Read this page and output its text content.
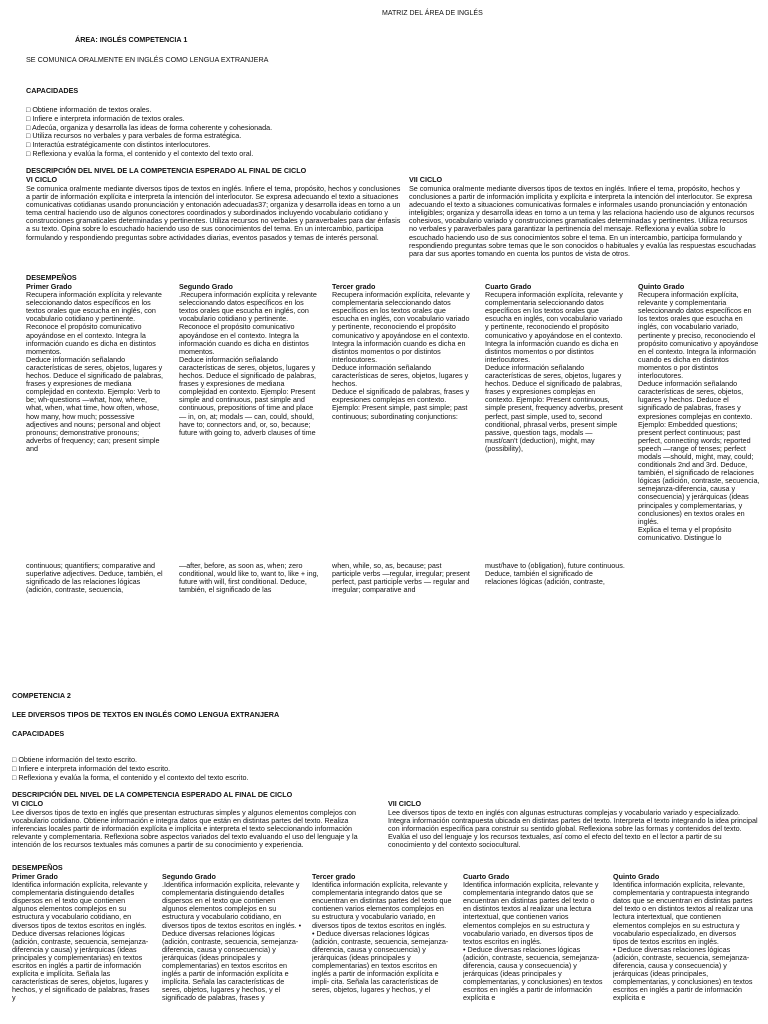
MATRIZ DEL ÁREA DE INGLÉS
ÁREA: INGLÉS COMPETENCIA 1
SE COMUNICA ORALMENTE EN INGLÉS COMO LENGUA EXTRANJERA
CAPACIDADES
□ Obtiene información de textos orales.
□ Infiere e interpreta información de textos orales.
□ Adecúa, organiza y desarrolla las ideas de forma coherente y cohesionada.
□ Utiliza recursos no verbales y para verbales de forma estratégica.
□ Interactúa estratégicamente con distintos interlocutores.
□ Reflexiona y evalúa la forma, el contenido y el contexto del texto oral.
DESCRIPCIÓN DEL NIVEL DE LA COMPETENCIA ESPERADO AL FINAL DE CICLO
VI CICLO
Se comunica oralmente mediante diversos tipos de textos en inglés. Infiere el tema, propósito, hechos y conclusiones a partir de información explícita e interpreta la intención del interlocutor. Se expresa adecuando el texto a situaciones comunicativas cotidianas usando pronunciación y entonación adecuadas37; organiza y desarrolla ideas en torno a un tema central haciendo uso de algunos conectores coordinados y subordinados incluyendo vocabulario cotidiano y construcciones gramaticales determinadas y pertinentes. Utiliza recursos no verbales y paraverbales para dar énfasis a su texto. Opina sobre lo escuchado haciendo uso de sus conocimientos del tema. En un intercambio, participa formulando y respondiendo preguntas sobre actividades diarias, eventos pasados y temas de interés personal.
VII CICLO
Se comunica oralmente mediante diversos tipos de textos en inglés. Infiere el tema, propósito, hechos y conclusiones a partir de información implícita y explícita e interpreta la intención del interlocutor. Se expresa adecuando el texto a situaciones comunicativas formales e informales usando pronunciación y entonación inteligibles; organiza y desarrolla ideas en torno a un tema y las relaciona haciendo uso de algunos recursos cohesivos, vocabulario variado y construcciones gramaticales determinadas y pertinentes. Utiliza recursos no verbales y paraverbales para garantizar la pertinencia del mensaje. Reflexiona y evalúa sobre lo escuchado haciendo uso de sus conocimientos sobre el tema. En un intercambio, participa formulando y respondiendo preguntas sobre temas que le son conocidos o habituales y evalúa las respuestas escuchadas para dar sus aportes tomando en cuenta los puntos de vista de otros.
DESEMPEÑOS
Primer Grado
Recupera información explícita y relevante seleccionando datos específicos en los textos orales que escucha en inglés, con vocabulario cotidiano y pertinente. Reconoce el propósito comunicativo apoyándose en el contexto. Integra la información cuando es dicha en distintos momentos.
Deduce información señalando características de seres, objetos, lugares y hechos. Deduce el significado de palabras, frases y expresiones de mediana complejidad en contexto. Ejemplo: Verb to be; wh-questions —what, how, where, what, when, what time, how often, whose, how many, how much; possessive adjectives and nouns; personal and object pronouns; demonstrative pronouns; adverbs of frequency; can; present simple and
Segundo Grado
.Recupera información explícita y relevante seleccionando datos específicos en los textos orales que escucha en inglés, con vocabulario cotidiano y pertinente. Reconoce el propósito comunicativo apoyándose en el contexto. Integra la información cuando es dicha en distintos momentos.
Deduce información señalando características de seres, objetos, lugares y hechos. Deduce el significado de palabras, frases y expresiones de mediana complejidad en contexto. Ejemplo: Present simple and continuous, past simple and continuous, prepositions of time and place — in, on, at; modals — can, could, should, have to; connectors and, or, so, because; future with going to, adverb clauses of time
Tercer grado
Recupera información explícita, relevante y complementaria seleccionando datos específicos en los textos orales que escucha en inglés, con vocabulario variado y pertinente, reconociendo el propósito comunicativo y apoyándose en el contexto. Integra la información cuando es dicha en distintos momentos o por distintos interlocutores.
Deduce información señalando características de seres, objetos, lugares y hechos.
Deduce el significado de palabras, frases y expresiones complejas en contexto. Ejemplo: Present simple, past simple; past continuous; subordinating conjunctions:
Cuarto Grado
Recupera información explícita, relevante y complementaria seleccionando datos específicos en los textos orales que escucha en inglés, con vocabulario variado y pertinente, reconociendo el propósito comunicativo y apoyándose en el contexto. Integra la información cuando es dicha en distintos momentos o por distintos interlocutores.
Deduce información señalando características de seres, objetos, lugares y hechos. Deduce el significado de palabras, frases y expresiones complejas en contexto. Ejemplo: Present continuous, simple present, frequency adverbs, present perfect, past simple, used to, second conditional, phrasal verbs, present simple passive, question tags, modals — must/can't (deduction), might, may (possibility),
Quinto Grado
Recupera información explícita, relevante y complementaria seleccionando datos específicos en los textos orales que escucha en inglés, con vocabulario variado, pertinente y preciso, reconociendo el propósito comunicativo y apoyándose en el contexto. Integra la información cuando es dicha en distintos momentos o por distintos interlocutores.
Deduce información señalando características de seres, objetos, lugares y hechos. Deduce el significado de palabras, frases y expresiones complejas en contexto. Ejemplo: Embedded questions; present perfect continuous; past perfect, connecting words; reported speech —range of tenses; perfect modals —should, might, may, could; conditionals 2nd and 3rd. Deduce, también, el significado de relaciones lógicas (adición, contraste, secuencia, semejanza-diferencia, causa y consecuencia) y jerárquicas (ideas principales y complementarias, y conclusiones) en textos orales en inglés.
Explica el tema y el propósito comunicativo. Distingue lo
continuous; quantifiers; comparative and superlative adjectives. Deduce, también, el significado de las relaciones lógicas (adición, contraste, secuencia,
—after, before, as soon as, when; zero conditional, would like to, want to, like + ing, future with will, first conditional. Deduce, también, el significado de las
when, while, so, as, because; past participle verbs —regular, irregular; present perfect, past participle verbs — regular and irregular; comparative and
must/have to (obligation), future continuous.
Deduce, también el significado de relaciones lógicas (adición, contraste,
COMPETENCIA 2
LEE DIVERSOS TIPOS DE TEXTOS EN INGLÉS COMO LENGUA EXTRANJERA
CAPACIDADES
□ Obtiene información del texto escrito.
□ Infiere e interpreta información del texto escrito.
□ Reflexiona y evalúa la forma, el contenido y el contexto del texto escrito.
DESCRIPCIÓN DEL NIVEL DE LA COMPETENCIA ESPERADO AL FINAL DE CICLO
VI CICLO
Lee diversos tipos de texto en inglés que presentan estructuras simples y algunos elementos complejos con vocabulario cotidiano. Obtiene información e integra datos que están en distintas partes del texto. Realiza inferencias locales partir de información explícita e implícita e interpreta el texto seleccionando información relevante y complementaria. Reflexiona sobre aspectos variados del texto evaluando el uso del lenguaje y la intención de los recursos textuales más comunes a partir de su conocimiento y experiencia.
VII CICLO
Lee diversos tipos de texto en inglés con algunas estructuras complejas y vocabulario variado y especializado. Integra información contrapuesta ubicada en distintas partes del texto. Interpreta el texto integrando la idea principal con información específica para construir su sentido global. Reflexiona sobre las formas y contenidos del texto. Evalúa el uso del lenguaje y los recursos textuales, así como el efecto del texto en el lector a partir de su conocimiento y del contexto sociocultural.
DESEMPEÑOS
Primer Grado
Identifica información explícita, relevante y complementaria distinguiendo detalles dispersos en el texto que contienen algunos elementos complejos en su estructura y vocabulario cotidiano, en diversos tipos de textos escritos en inglés.
Deduce diversas relaciones lógicas (adición, contraste, secuencia, semejanza-diferencia y causa) y jerárquicas (ideas principales y complementarias) en textos escritos en inglés a partir de información explícita e implícita. Señala las características de seres, objetos, lugares y hechos, y el significado de palabras, frases y
Segundo Grado
.Identifica información explícita, relevante y complementaria distinguiendo detalles dispersos en el texto que contienen algunos elementos complejos en su estructura y vocabulario cotidiano, en diversos tipos de textos escritos en inglés. • Deduce diversas relaciones lógicas (adición, contraste, secuencia, semejanza-diferencia, causa y consecuencia) y jerárquicas (ideas principales y complementarias) en textos escritos en inglés a partir de información explícita e implícita. Señala las características de seres, objetos, lugares y hechos, y el significado de palabras, frases y
Tercer grado
Identifica información explícita, relevante y complementaria integrando datos que se encuentran en distintas partes del texto que contienen varios elementos complejos en su estructura y vocabulario variado, en diversos tipos de textos escritos en inglés.
• Deduce diversas relaciones lógicas (adición, contraste, secuencia, semejanza-diferencia, causa y consecuencia) y jerárquicas (ideas principales y complementarias) en textos escritos en inglés a partir de información explícita e impli- cita. Señala las características de seres, objetos, lugares y hechos, y el
Cuarto Grado
Identifica información explícita, relevante y complementaria integrando datos que se encuentran en distintas partes del texto o en distintos textos al realizar una lectura intertextual, que contienen varios elementos complejos en su estructura y vocabulario variado, en diversos tipos de textos escritos en inglés.
• Deduce diversas relaciones lógicas (adición, contraste, secuencia, semejanza-diferencia, causa y consecuencia) y jerárquicas (ideas principales y complementarias, y conclusiones) en textos escritos en inglés a partir de información explícita e
Quinto Grado
Identifica información explícita, relevante, complementaria y contrapuesta integrando datos que se encuentran en distintas partes del texto o en distintos textos al realizar una lectura intertextual, que contienen elementos complejos en su estructura y vocabulario especializado, en diversos tipos de textos escritos en inglés.
• Deduce diversas relaciones lógicas (adición, contraste, secuencia, semejanza-diferencia, causa y consecuencia) y jerárquicas (ideas principales, complementarias, y conclusiones) en textos escritos en inglés a partir de información explícita e
